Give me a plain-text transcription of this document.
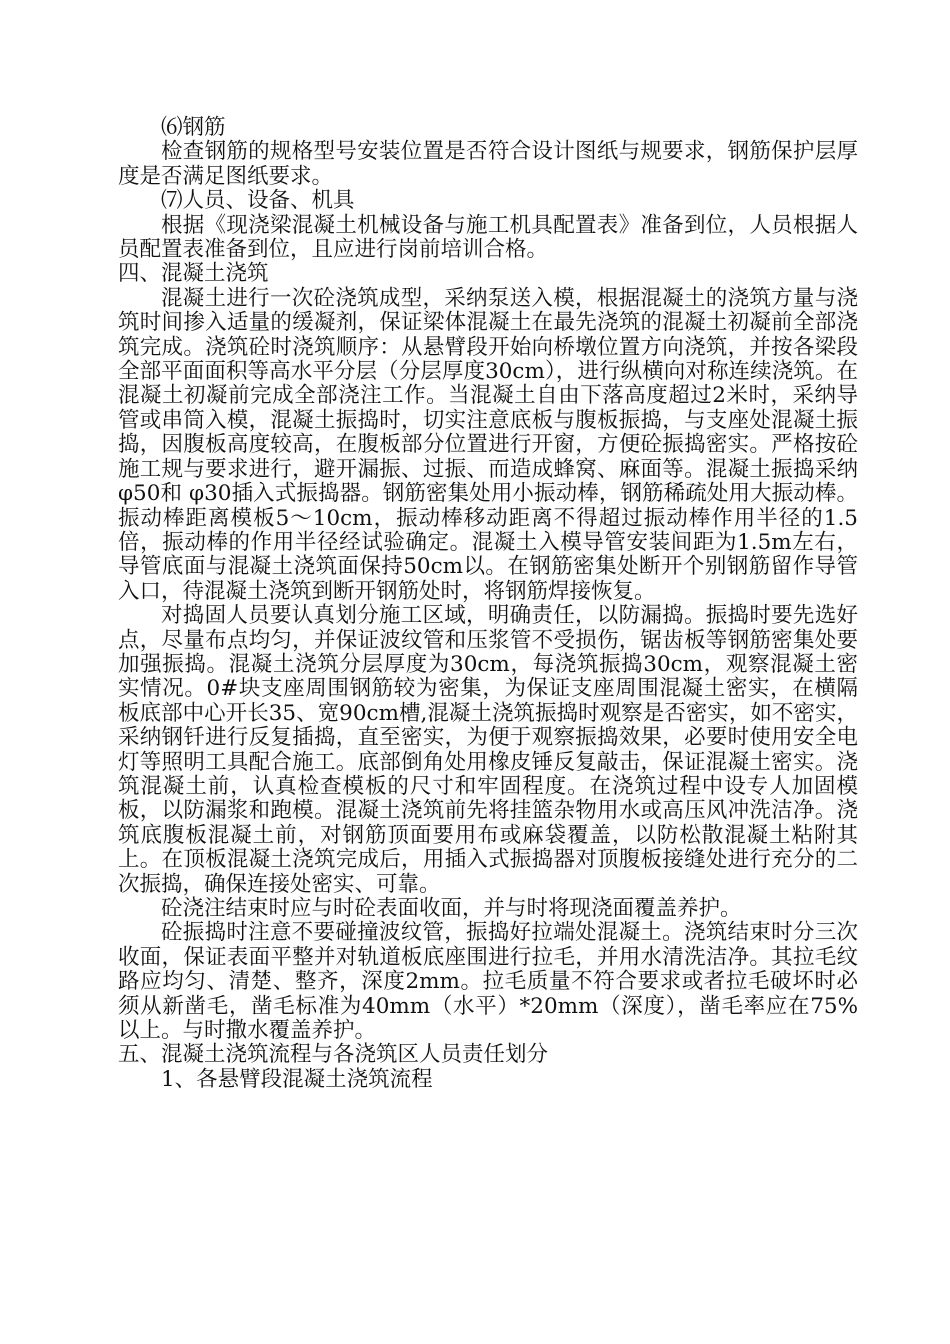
⑹钢筋

检查钢筋的规格型号安装位置是否符合设计图纸与规要求，钢筋保护层厚度是否满足图纸要求。

⑺人员、设备、机具

根据《现浇梁混凝土机械设备与施工机具配置表》准备到位，人员根据人员配置表准备到位，且应进行岗前培训合格。

四、混凝土浇筑

混凝土进行一次砼浇筑成型，采纳泵送入模，根据混凝土的浇筑方量与浇筑时间掺入适量的缓凝剂，保证梁体混凝土在最先浇筑的混凝土初凝前全部浇筑完成。浇筑砼时浇筑顺序：从悬臂段开始向桥墩位置方向浇筑，并按各梁段全部平面面积等高水平分层（分层厚度30cm），进行纵横向对称连续浇筑。在混凝土初凝前完成全部浇注工作。当混凝土自由下落高度超过2米时，采纳导管或串筒入模，混凝土振捣时，切实注意底板与腹板振捣，与支座处混凝土振捣，因腹板高度较高，在腹板部分位置进行开窗，方便砼振捣密实。严格按砼施工规与要求进行，避开漏振、过振、而造成蜂窝、麻面等。混凝土振捣采纳 φ50和 φ30插入式振捣器。钢筋密集处用小振动棒，钢筋稀疏处用大振动棒。振动棒距离模板5～10cm，振动棒移动距离不得超过振动棒作用半径的1.5倍，振动棒的作用半径经试验确定。混凝土入模导管安装间距为1.5m左右，导管底面与混凝土浇筑面保持50cm以。在钢筋密集处断开个别钢筋留作导管入口，待混凝土浇筑到断开钢筋处时，将钢筋焊接恢复。

对捣固人员要认真划分施工区域，明确责任，以防漏捣。振捣时要先选好点，尽量布点均匀，并保证波纹管和压浆管不受损伤，锯齿板等钢筋密集处要加强振捣。混凝土浇筑分层厚度为30cm，每浇筑振捣30cm，观察混凝土密实情况。0#块支座周围钢筋较为密集，为保证支座周围混凝土密实，在横隔板底部中心开长35、宽90cm槽,混凝土浇筑振捣时观察是否密实，如不密实，采纳钢钎进行反复插捣，直至密实，为便于观察振捣效果，必要时使用安全电灯等照明工具配合施工。底部倒角处用橡皮锤反复敲击，保证混凝土密实。浇筑混凝土前，认真检查模板的尺寸和牢固程度。在浇筑过程中设专人加固模板，以防漏浆和跑模。混凝土浇筑前先将挂篮杂物用水或高压风冲洗洁净。浇筑底腹板混凝土前，对钢筋顶面要用布或麻袋覆盖，以防松散混凝土粘附其上。在顶板混凝土浇筑完成后，用插入式振捣器对顶腹板接缝处进行充分的二次振捣，确保连接处密实、可靠。

砼浇注结束时应与时砼表面收面，并与时将现浇面覆盖养护。

砼振捣时注意不要碰撞波纹管，振捣好拉端处混凝土。浇筑结束时分三次收面，保证表面平整并对轨道板底座围进行拉毛，并用水清洗洁净。其拉毛纹路应均匀、清楚、整齐，深度2mm。拉毛质量不符合要求或者拉毛破坏时必须从新凿毛，凿毛标准为40mm（水平）*20mm（深度），凿毛率应在75%以上。与时撒水覆盖养护。

五、混凝土浇筑流程与各浇筑区人员责任划分

1、各悬臂段混凝土浇筑流程
